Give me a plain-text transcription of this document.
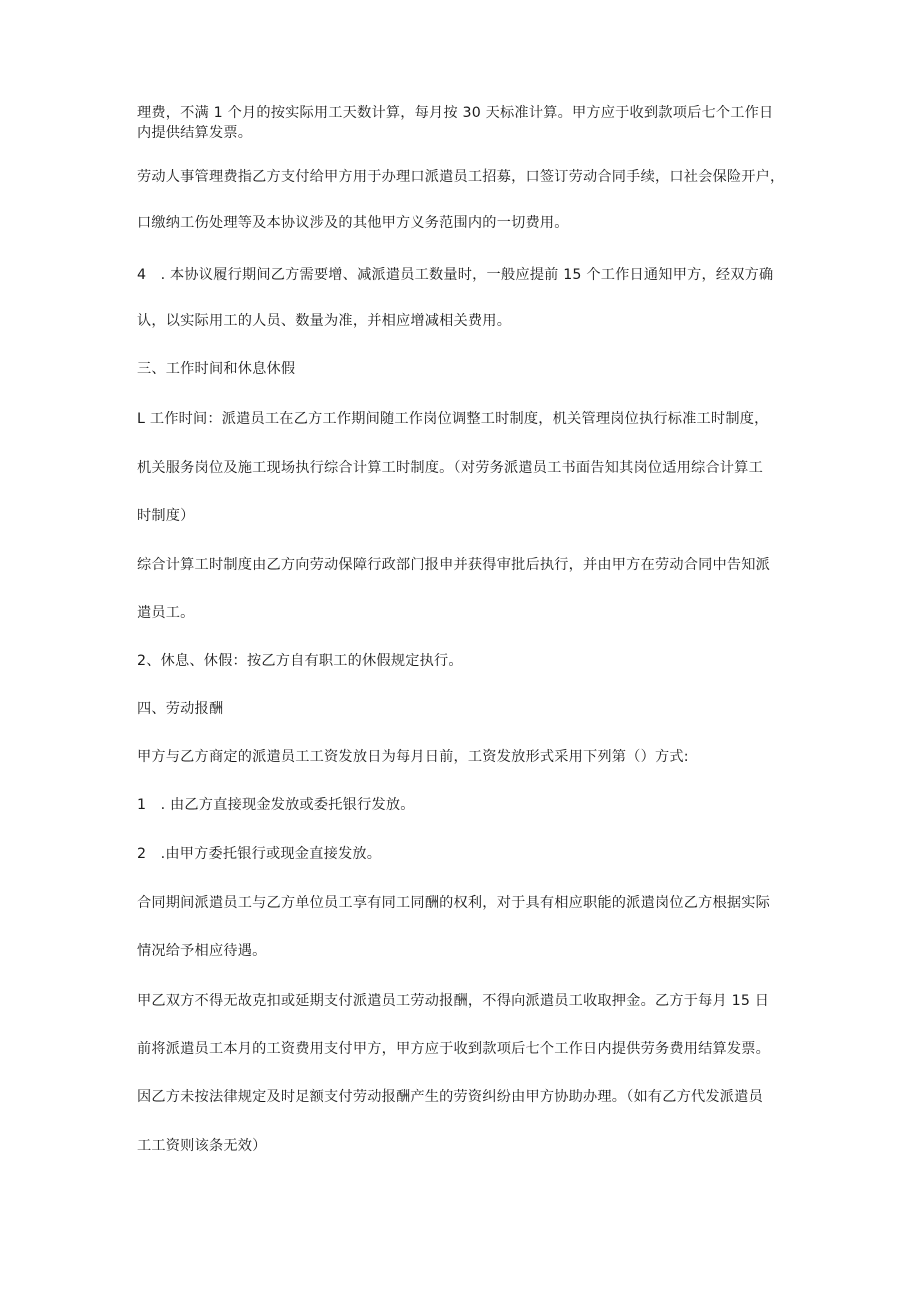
理费，不满 1 个月的按实际用工天数计算，每月按 30 天标准计算。甲方应于收到款项后七个工作日
内提供结算发票。
劳动人事管理费指乙方支付给甲方用于办理口派遣员工招募，口签订劳动合同手续，口社会保险开户，
口缴纳工伤处理等及本协议涉及的其他甲方义务范围内的一切费用。
4　. 本协议履行期间乙方需要增、减派遣员工数量时，一般应提前 15 个工作日通知甲方，经双方确
认，以实际用工的人员、数量为准，并相应增减相关费用。
三、工作时间和休息休假
L 工作时间：派遣员工在乙方工作期间随工作岗位调整工时制度，机关管理岗位执行标准工时制度，
机关服务岗位及施工现场执行综合计算工时制度。（对劳务派遣员工书面告知其岗位适用综合计算工
时制度）
综合计算工时制度由乙方向劳动保障行政部门报申并获得审批后执行，并由甲方在劳动合同中告知派
遣员工。
2、休息、休假：按乙方自有职工的休假规定执行。
四、劳动报酬
甲方与乙方商定的派遣员工工资发放日为每月日前，工资发放形式采用下列第（）方式:
1　. 由乙方直接现金发放或委托银行发放。
2　.由甲方委托银行或现金直接发放。
合同期间派遣员工与乙方单位员工享有同工同酬的权利，对于具有相应职能的派遣岗位乙方根据实际
情况给予相应待遇。
甲乙双方不得无故克扣或延期支付派遣员工劳动报酬，不得向派遣员工收取押金。乙方于每月 15 日
前将派遣员工本月的工资费用支付甲方，甲方应于收到款项后七个工作日内提供劳务费用结算发票。
因乙方未按法律规定及时足额支付劳动报酬产生的劳资纠纷由甲方协助办理。（如有乙方代发派遣员
工工资则该条无效）
